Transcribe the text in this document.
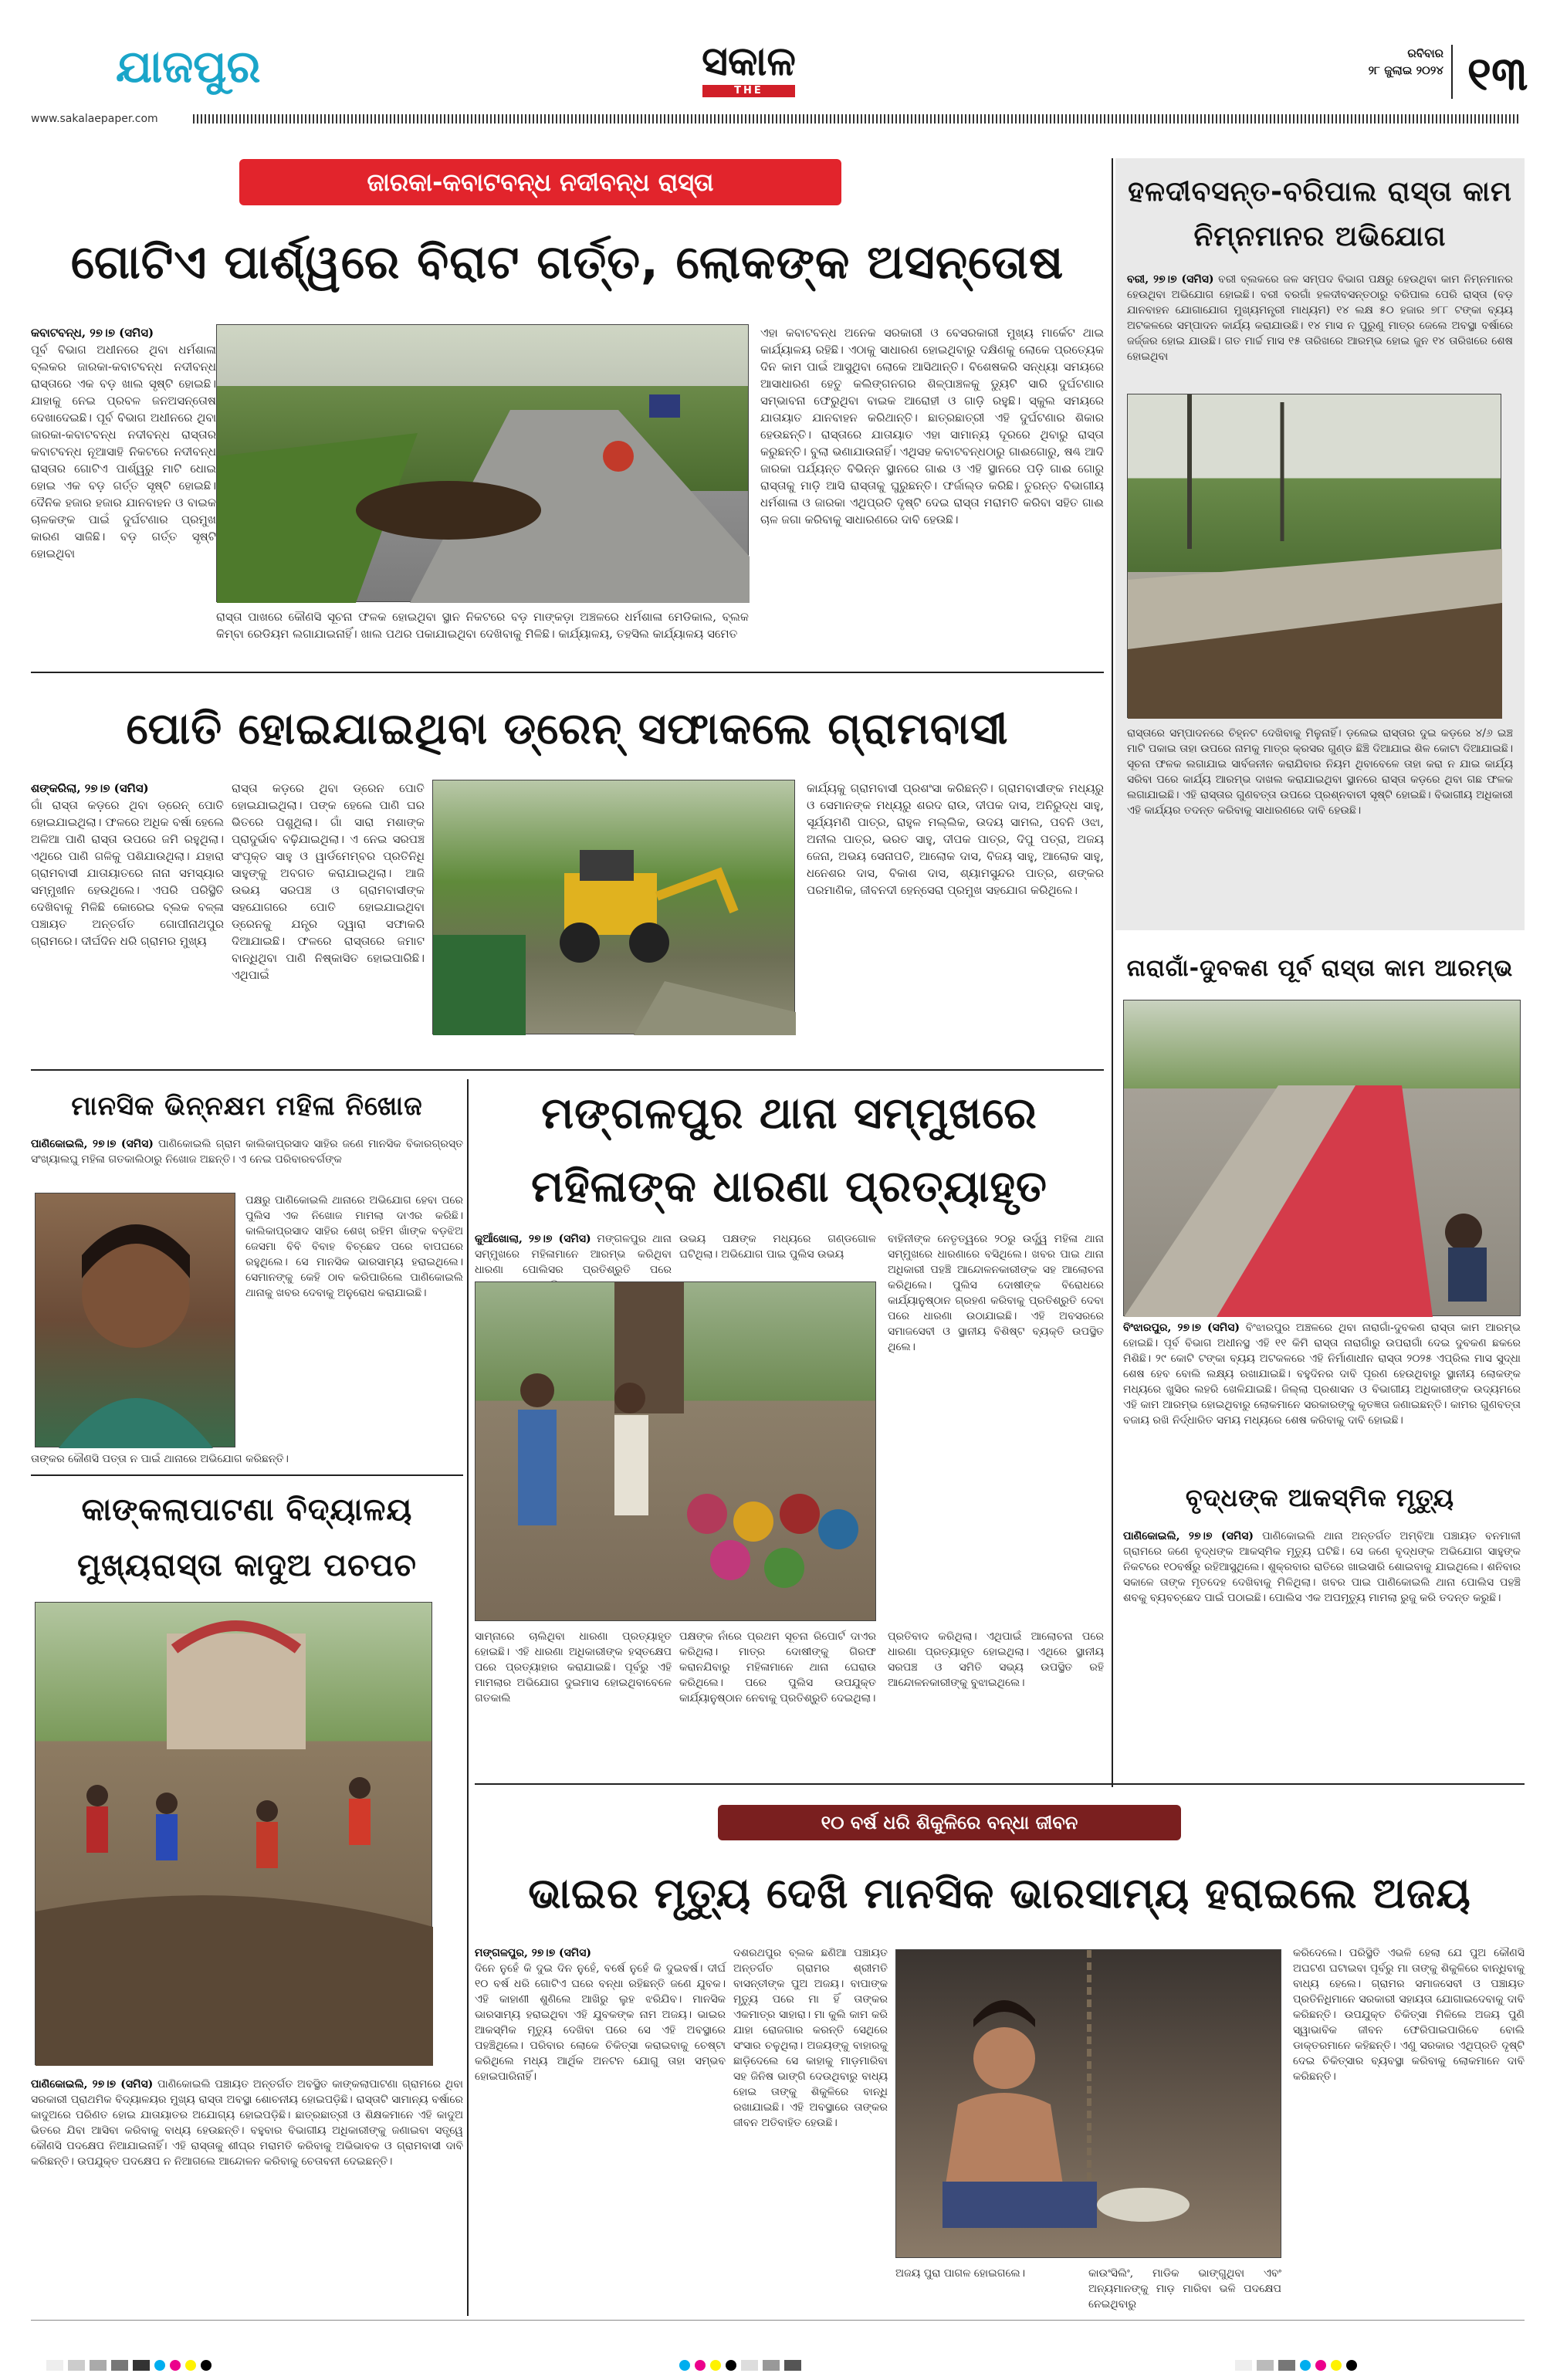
ଯାଜପୁର	ସକାଳ
THE SAKALA
ରବିବାର
୨୮ ଜୁଲାଇ ୨୦୨୪ ୧୩
www.sakalaepaper.com
ଜାରକା-କବାଟବନ୍ଧ ନଦୀବନ୍ଧ ରାସ୍ତା
ଗୋଟିଏ ପାର୍ଶ୍ୱରେ ବିରାଟ ଗର୍ତ୍ତ, ଲୋକଙ୍କ ଅସନ୍ତୋଷ
କବାଟବନ୍ଧ, ୨୭।୭ (ସମିସ)
ପୂର୍ବ ବିଭାଗ ଅଧୀନରେ ଥିବା ଧର୍ମଶାଳା ବ୍ଲକର ଜାରକା-କବାଟବନ୍ଧ ନଦୀବନ୍ଧ ରାସ୍ତାରେ ଏକ ବଡ଼ ଖାଲ ସୃଷ୍ଟି ହୋଇଛି। ଯାହାକୁ ନେଇ ପ୍ରବଳ ଜନଅସନ୍ତୋଷ ଦେଖାଦେଇଛି। ପୂର୍ବ ବିଭାଗ ଅଧୀନରେ ଥିବା ଜାରକା-କବାଟବନ୍ଧ ନଦୀବନ୍ଧ ରାସ୍ତାର କବାଟବନ୍ଧ ନୂଆସାହି ନିକଟରେ ନଦୀବନ୍ଧ ରାସ୍ତାର ଗୋଟିଏ ପାର୍ଶ୍ୱରୁ ମାଟି ଧୋଇ ହୋଇ ଏକ ବଡ଼ ଗର୍ତ୍ତ ସୃଷ୍ଟି ହୋଇଛି। ଦୈନିକ ହଜାର ହଜାର ଯାନବାହନ ଓ ବାଇକ ଚାଳକଙ୍କ ପାଇଁ ଦୁର୍ଘଟଣାର ପ୍ରମୁଖ କାରଣ ସାଜିଛି। ବଡ଼ ଗର୍ତ୍ତ ସୃଷ୍ଟି ହୋଇଥିବା
ରାସ୍ତା ପାଖରେ କୌଣସି ସୂଚନା ଫଳକ ହୋଇଥିବା ସ୍ଥାନ ନିକଟରେ ବଡ଼ ମାଙ୍କଡ଼ା ଅଞ୍ଚଳରେ ଧର୍ମଶାଳା ମେଡିକାଲ, ବ୍ଲକ କିମ୍ବା ରେଡିୟମ ଲଗାଯାଇନାହିଁ। ଖାଲ ପଥର ପକାଯାଇଥିବା ଦେଖିବାକୁ ମିଳିଛି। କାର୍ଯ୍ୟାଳୟ, ତହସିଲ କାର୍ଯ୍ୟାଳୟ ସମେତ
ଏହା କବାଟବନ୍ଧ ଅନେକ ସରକାରୀ ଓ ବେସରକାରୀ ମୁଖ୍ୟ ମାର୍କେଟ ଥାଇ କାର୍ଯ୍ୟାଳୟ ରହିଛି। ଏଠାକୁ ସାଧାରଣ ହୋଇଥିବାରୁ ଦକ୍ଷିଣକୁ ଲୋକେ ପ୍ରତ୍ୟେକ ଦିନ କାମ ପାଇଁ ଆସୁଥିବା ଲୋକେ ଆସିଥାନ୍ତି। ବିଶେଷକରି ସନ୍ଧ୍ୟା ସମୟରେ ଆସାଧାରଣ ହେତୁ କଲିଙ୍ଗନଗର ଶିଳ୍ପାଞ୍ଚଳକୁ ଡ୍ୟୁଟି ସାରି ଦୁର୍ଘଟଣାର ସମ୍ଭାବନା ଫେରୁଥିବା ବାଇକ ଆରୋହୀ ଓ ଗାଡ଼ି ରହୁଛି। ସ୍କୁଲ ସମୟରେ ଯାତାୟାତ ଯାନବାହନ କରିଥାନ୍ତି। ଛାତ୍ରଛାତ୍ରୀ ଏହି ଦୁର୍ଘଟଣାର ଶିକାର ହେଉଛନ୍ତି। ରାସ୍ତାରେ ଯାତାୟାତ ଏହା ସାମାନ୍ୟ ଦୂରରେ ଥିବାରୁ ରାସ୍ତା କରୁଛନ୍ତି। ବୁଲା ଭଣାଯାଉନାହିଁ। ଏଥିସହ କବାଟବନ୍ଧଠାରୁ ଗାଈଗୋରୁ, ଷଣ୍ଢ ଆଦି ଜାରକା ପର୍ଯ୍ୟନ୍ତ ବିଭିନ୍ନ ସ୍ଥାନରେ ଗାଈ ଓ ଏହି ସ୍ଥାନରେ ପଡ଼ି ଗାଈ ଗୋରୁ ରାସ୍ତାକୁ ମାଡ଼ି ଆସି ରାସ୍ତାକୁ ଘୁରୁଛନ୍ତି। ଫର୍ଜାଲ୍ଡ କରିଛି। ତୁରନ୍ତ ବିଭାଗୀୟ ଧର୍ମଶାଳା ଓ ଜାରକା ଏଥିପ୍ରତି ଦୃଷ୍ଟି ଦେଇ ରାସ୍ତା ମରାମତି କରିବା ସହିତ ଗାଈ ଚାଳ ଜଗା କରିବାକୁ ସାଧାରଣରେ ଦାବି ହେଉଛି।
ହଳଦୀବସନ୍ତ-ବରିପାଲ ରାସ୍ତା କାମ ନିମ୍ନମାନର ଅଭିଯୋଗ
ବରୀ, ୨୭।୭ (ସମିସ) ବରୀ ବ୍ଲକରେ ଜଳ ସମ୍ପଦ ବିଭାଗ ପକ୍ଷରୁ ହେଉଥିବା କାମ ନିମ୍ନମାନର ହେଉଥିବା ଅଭିଯୋଗ ହୋଇଛି। ବରୀ ବରଗାଁ ହଳଦୀବସନ୍ତଠାରୁ ବରିପାଲ ପେରି ରାସ୍ତା (ବଡ଼ ଯାନବାହନ ଯୋଗାଯୋଗ ମୁଖ୍ୟମନ୍ତ୍ରୀ ମାଧ୍ୟମ) ୧୪ ଲକ୍ଷ ୫୦ ହଜାର ୭୮୮ ଟଙ୍କା ବ୍ୟୟ ଅଟକଳରେ ସମ୍ପାଦନ କାର୍ଯ୍ୟ କରାଯାଉଛି। ୧୪ ମାସ ନ ପୁରୁଣୁ ମାତ୍ର ଜେଲେ ଅବସ୍ଥା ବର୍ଷାରେ ଜର୍ଜ୍ଜର ହୋଇ ଯାଉଛି। ଗତ ମାର୍ଚ୍ଚ ମାସ ୧୫ ତାରିଖରେ ଆରମ୍ଭ ହୋଇ ଜୁନ ୧୪ ତାରିଖରେ ଶେଷ ହୋଇଥିବା
ରାସ୍ତାରେ ସମ୍ପାଦନରେ ଚିହ୍ନଟ ଦେଖିବାକୁ ମିଳୁନାହିଁ। ଡ଼ଲେଇ ରାସ୍ତାର ଦୁଇ କଡ଼ରେ ୪/୬ ଇଞ୍ଚ ମାଟି ପକାଇ ତାହା ଉପରେ ନାମକୁ ମାତ୍ର କ୍ରସର ଗୁଣ୍ଡ ଛିଞ୍ଚି ଦିଆଯାଇ ଶିଳ କୋଟା ଦିଆଯାଇଛି। ସୂଚନା ଫଳକ ଲଗାଯାଇ ସାର୍ବଜନୀନ କରାଯିବାର ନିୟମ ଥିବାବେଳେ ତାହା କରା ନ ଯାଇ କାର୍ଯ୍ୟ ସରିବା ପରେ କାର୍ଯ୍ୟ ଆରମ୍ଭ ଦାଖଲ କରାଯାଇଥିବା ସ୍ଥାନରେ ରାସ୍ତା କଡ଼ରେ ଥିବା ଗଛ ଫଳକ ଲଗାଯାଇଛି। ଏହି ରାସ୍ତାର ଗୁଣବତ୍ତା ଉପରେ ପ୍ରଶ୍ନବାଚୀ ସୃଷ୍ଟି ହୋଇଛି। ବିଭାଗୀୟ ଅଧିକାରୀ ଏହି କାର୍ଯ୍ୟର ତଦନ୍ତ କରିବାକୁ ସାଧାରଣରେ ଦାବି ହେଉଛି।
ପୋତି ହୋଇଯାଇଥିବା ଡ୍ରେନ୍ ସଫାକଲେ ଗ୍ରାମବାସୀ
ଶଙ୍କରିଲା, ୨୭।୭ (ସମିସ)
ଗାଁ ରାସ୍ତା କଡ଼ରେ ଥିବା ଡ୍ରେନ୍ ପୋତି ହୋଇଯାଇଥିଲା। ଫଳରେ ଅଧିକ ବର୍ଷା ହେଲେ ଅଳିଆ ପାଣି ରାସ୍ତା ଉପରେ ଜମି ରହୁଥିଲା। ଏଥିରେ ପାଣି ଗଳିକୁ ପଶିଯାଉଥିଲା। ଯହାରା ଗ୍ରାମବାସୀ ଯାତାୟାତରେ ନାନା ସମସ୍ୟାର ସମ୍ମୁଖୀନ ହେଉଥିଲେ। ଏପରି ପରିସ୍ଥିତି ଦେଖିବାକୁ ମିଳିଛି କୋରେଇ ବ୍ଲକ ବଳ୍ଳା ପଞ୍ଚାୟତ ଅନ୍ତର୍ଗତ ଗୋପୀନାଥପୁର ଗ୍ରାମରେ। ଦୀର୍ଘଦିନ ଧରି ଗ୍ରାମର ମୁଖ୍ୟ
ରାସ୍ତା କଡ଼ରେ ଥିବା ଡ୍ରେନ ପୋତି ହୋଇଯାଇଥିଲା। ପଙ୍କ ହେଲେ ପାଣି ଘର ଭିତରେ ପଶୁଥିଲା। ଗାଁ ସାରା ମଶାଙ୍କ ପ୍ରାଦୁର୍ଭାବ ବଢ଼ିଯାଇଥିଲା। ଏ ନେଇ ସରପଞ୍ଚ ସଂପୃକ୍ତ ସାହୁ ଓ ୱାର୍ଡମେମ୍ବର ପ୍ରତିନିଧି ସାହୁଙ୍କୁ ଅବଗତ କରାଯାଇଥିଲା। ଆଜି ଉଭୟ ସରପଞ୍ଚ ଓ ଗ୍ରାମବାସୀଙ୍କ ସହଯୋଗରେ ପୋତି ହୋଇଯାଇଥିବା ଡ୍ରେନକୁ ଯନ୍ତ୍ର ଦ୍ୱାରା ସଫାକରି ଦିଆଯାଇଛି। ଫଳରେ ରାସ୍ତାରେ ଜମାଟ ବାନ୍ଧିଥିବା ପାଣି ନିଷ୍କାସିତ ହୋଇପାରିଛି। ଏଥିପାଇଁ
କାର୍ଯ୍ୟକୁ ଗ୍ରାମବାସୀ ପ୍ରଶଂସା କରିଛନ୍ତି। ଗ୍ରାମବାସୀଙ୍କ ମଧ୍ୟରୁ ଓ ସେମାନଙ୍କ ମଧ୍ୟରୁ ଶରଦ ରାଉ, ଦୀପକ ଦାସ, ଅନିରୁଦ୍ଧ ସାହୁ, ସୂର୍ଯ୍ୟମଣି ପାତ୍ର, ରାହୁଳ ମଲ୍ଲିକ, ଉଦୟ ସାମଲ, ପବନି ଓଝା, ଅନୀଲ ପାତ୍ର, ଭରତ ସାହୁ, ଦୀପକ ପାତ୍ର, ଦିପୁ ପତ୍ରା, ଅଜୟ ଜେନା, ଅଭୟ ସେନାପତି, ଆଲୋକ ଦାସ, ବିଜୟ ସାହୁ, ଆଲୋକ ସାହୁ, ଧନେଶର ଦାସ, ବିକାଶ ଦାସ, ଶ୍ୟାମସୁନ୍ଦର ପାତ୍ର, ଶଙ୍କର ପରମାଣିକ, ଜୀବନଦୀ ହେନ୍ସେରା ପ୍ରମୁଖ ସହଯୋଗ କରିଥିଲେ।
ନାରାଗାଁ-ଦୁବକଣ ପୂର୍ବ ରାସ୍ତା କାମ ଆରମ୍ଭ
ବିଂଝାରପୁର, ୨୭।୭ (ସମିସ) ବିଂଝାରପୁର ଅଞ୍ଚଳରେ ଥିବା ନାରାଗାଁ-ଦୁବକଣ ରାସ୍ତା କାମ ଆରମ୍ଭ ହୋଇଛି। ପୂର୍ବ ବିଭାଗ ଅଧୀନସ୍ଥ ଏହି ୧୧ କିମି ରାସ୍ତା ନାରାଗାଁରୁ ଉପରାଗାଁ ଦେଇ ଦୁବକଣ ଛକରେ ମିଶିଛି। ୨୯ କୋଟି ଟଙ୍କା ବ୍ୟୟ ଅଟକଳରେ ଏହି ନିର୍ମାଣାଧୀନ ରାସ୍ତା ୨୦୨୫ ଏପ୍ରିଲ ମାସ ସୁଦ୍ଧା ଶେଷ ହେବ ବୋଲି ଲକ୍ଷ୍ୟ ରଖାଯାଇଛି। ବହୁଦିନର ଦାବି ପୂରଣ ହେଉଥିବାରୁ ସ୍ଥାନୀୟ ଲୋକଙ୍କ ମଧ୍ୟରେ ଖୁସିର ଲହରି ଖେଳିଯାଇଛି। ଜିଲ୍ଲା ପ୍ରଶାସନ ଓ ବିଭାଗୀୟ ଅଧିକାରୀଙ୍କ ଉଦ୍ୟମରେ ଏହି କାମ ଆରମ୍ଭ ହୋଇଥିବାରୁ ଲୋକମାନେ ସରକାରଙ୍କୁ କୃତଜ୍ଞତା ଜଣାଇଛନ୍ତି। କାମର ଗୁଣବତ୍ତା ବଜାୟ ରଖି ନିର୍ଦ୍ଧାରିତ ସମୟ ମଧ୍ୟରେ ଶେଷ କରିବାକୁ ଦାବି ହୋଇଛି।
ବୃଦ୍ଧଙ୍କ ଆକସ୍ମିକ ମୃତ୍ୟୁ
ପାଣିକୋଇଲି, ୨୭।୭ (ସମିସ) ପାଣିକୋଇଲି ଥାନା ଅନ୍ତର୍ଗତ ଅମ୍ବିଆ ପଞ୍ଚାୟତ ବନମାଳୀ ଗ୍ରାମରେ ଜଣେ ବୃଦ୍ଧଙ୍କ ଆକସ୍ମିକ ମୃତ୍ୟୁ ଘଟିଛି। ସେ ଜଣେ ବୃଦ୍ଧଙ୍କ ଅଭିଯୋଗ ସାହୁଙ୍କ ନିକଟରେ ୧୦ବର୍ଷରୁ ରହିଆସୁଥିଲେ। ଶୁକ୍ରବାର ରାତିରେ ଖାଇସାରି ଶୋଇବାକୁ ଯାଇଥିଲେ। ଶନିବାର ସକାଳେ ତାଙ୍କ ମୃତଦେହ ଦେଖିବାକୁ ମିଳିଥିଲା। ଖବର ପାଇ ପାଣିକୋଇଲି ଥାନା ପୋଲିସ ପହଞ୍ଚି ଶବକୁ ବ୍ୟବଚ୍ଛେଦ ପାଇଁ ପଠାଇଛି। ପୋଲିସ ଏକ ଅପମୃତ୍ୟୁ ମାମଲା ରୁଜୁ କରି ତଦନ୍ତ କରୁଛି।
ମାନସିକ ଭିନ୍ନକ୍ଷମ ମହିଳା ନିଖୋଜ
ପାଣିକୋଇଲି, ୨୭।୭ (ସମିସ) ପାଣିକୋଇଲି ଗ୍ରାମ କାଲିକାପ୍ରସାଦ ସାହିର ଜଣେ ମାନସିକ ବିକାରଗ୍ରସ୍ତ ସଂଖ୍ୟାଲଘୁ ମହିଳା ଗତକାଲିଠାରୁ ନିଖୋଜ ଅଛନ୍ତି। ଏ ନେଇ ପରିବାରବର୍ଗଙ୍କ
ପକ୍ଷରୁ ପାଣିକୋଇଲି ଥାନାରେ ଅଭିଯୋଗ ହେବା ପରେ ପୁଲିସ ଏକ ନିଖୋଜ ମାମଲା ଦାଏର କରିଛି। କାଲିକାପ୍ରସାଦ ସାହିର ଶେଖ୍ ରହିମ ଖାଁଙ୍କ ବଡ଼ଝିଅ ଜେସମା ବିବି ବିବାହ ବିଚ୍ଛେଦ ପରେ ବାପଘରେ ରହୁଥିଲେ। ସେ ମାନସିକ ଭାରସାମ୍ୟ ହରାଇଥିଲେ। ସେମାନଙ୍କୁ କେହି ଠାବ କରିପାରିଲେ ପାଣିକୋଇଲି ଥାନାକୁ ଖବର ଦେବାକୁ ଅନୁରୋଧ କରାଯାଇଛି।
ତାଙ୍କର କୌଣସି ପତ୍ତା ନ ପାଇଁ ଥାନାରେ ଅଭିଯୋଗ କରିଛନ୍ତି।
ମଙ୍ଗଳପୁର ଥାନା ସମ୍ମୁଖରେ ମହିଳାଙ୍କ ଧାରଣା ପ୍ରତ୍ୟାହୃତ
କୁଆଁଖୋଲା, ୨୭।୭ (ସମିସ) ମଙ୍ଗଳପୁର ଥାନା ସମ୍ମୁଖରେ ମହିଳାମାନେ ଆରମ୍ଭ କରିଥିବା ଧାରଣା ପୋଲିସର ପ୍ରତିଶ୍ରୁତି ପରେ
ଉଭୟ ପକ୍ଷଙ୍କ ମଧ୍ୟରେ ଗଣ୍ଡଗୋଳ ଘଟିଥିଲା। ଅଭିଯୋଗ ପାଇ ପୁଲିସ ଉଭୟ
ବାହିନୀଙ୍କ ନେତୃତ୍ୱରେ ୨୦ରୁ ଉର୍ଦ୍ଧ୍ୱ ମହିଳା ଥାନା ସମ୍ମୁଖରେ ଧାରଣାରେ ବସିଥିଲେ। ଖବର ପାଇ ଥାନା ଅଧିକାରୀ ପହଞ୍ଚି ଆନ୍ଦୋଳନକାରୀଙ୍କ ସହ ଆଲୋଚନା କରିଥିଲେ। ପୁଲିସ ଦୋଷୀଙ୍କ ବିରୋଧରେ କାର୍ଯ୍ୟାନୁଷ୍ଠାନ ଗ୍ରହଣ କରିବାକୁ ପ୍ରତିଶ୍ରୁତି ଦେବା ପରେ ଧାରଣା ଉଠାଯାଇଛି। ଏହି ଅବସରରେ ସମାଜସେବୀ ଓ ସ୍ଥାନୀୟ ବିଶିଷ୍ଟ ବ୍ୟକ୍ତି ଉପସ୍ଥିତ ଥିଲେ।
ସାମ୍ନାରେ ଚାଲିଥିବା ଧାରଣା ପ୍ରତ୍ୟାହୃତ ହୋଇଛି। ଏହି ଧାରଣା ଅଧିକାରୀଙ୍କ ହସ୍ତକ୍ଷେପ ପରେ ପ୍ରତ୍ୟାହାର କରାଯାଇଛି। ପୂର୍ବରୁ ଏହି ମାମଲାର ଅଭିଯୋଗ ଦୁଇମାସ ହୋଇଥିବାବେଳେ ଗତକାଲି
ପକ୍ଷଙ୍କ ନାଁରେ ପ୍ରଥମ ସୂଚନା ରିପୋର୍ଟ ଦାଏର କରିଥିଲା। ମାତ୍ର ଦୋଷୀଙ୍କୁ ଗିରଫ କରାନଯିବାରୁ ମହିଳାମାନେ ଥାନା ଘେରାଉ କରିଥିଲେ। ପରେ ପୁଲିସ ଉପଯୁକ୍ତ କାର୍ଯ୍ୟାନୁଷ୍ଠାନ ନେବାକୁ ପ୍ରତିଶ୍ରୁତି ଦେଇଥିଲା।
ପ୍ରତିବାଦ କରିଥିଲା। ଏଥିପାଇଁ ଆଲୋଚନା ପରେ ଧାରଣା ପ୍ରତ୍ୟାହୃତ ହୋଇଥିଲା। ଏଥିରେ ସ୍ଥାନୀୟ ସରପଞ୍ଚ ଓ ସମିତି ସଭ୍ୟ ଉପସ୍ଥିତ ରହି ଆନ୍ଦୋଳନକାରୀଙ୍କୁ ବୁଝାଇଥିଲେ।
କାଙ୍କଲାପାଟଣା ବିଦ୍ୟାଳୟ ମୁଖ୍ୟରାସ୍ତା କାଦୁଅ ପଚପଚ
ପାଣିକୋଇଲି, ୨୭।୭ (ସମିସ) ପାଣିକୋଇଲି ପଞ୍ଚାୟତ ଅନ୍ତର୍ଗତ ଅବସ୍ଥିତ କାଙ୍କଲାପାଟଣା ଗ୍ରାମରେ ଥିବା ସରକାରୀ ପ୍ରାଥମିକ ବିଦ୍ୟାଳୟର ମୁଖ୍ୟ ରାସ୍ତା ଅବସ୍ଥା ଶୋଚନୀୟ ହୋଇପଡ଼ିଛି। ରାସ୍ତାଟି ସାମାନ୍ୟ ବର୍ଷାରେ କାଦୁଅରେ ପରିଣତ ହୋଇ ଯାତାୟାତର ଅଯୋଗ୍ୟ ହୋଇପଡ଼ିଛି। ଛାତ୍ରଛାତ୍ରୀ ଓ ଶିକ୍ଷକମାନେ ଏହି କାଦୁଅ ଭିତରେ ଯିବା ଆସିବା କରିବାକୁ ବାଧ୍ୟ ହେଉଛନ୍ତି। ବହୁବାର ବିଭାଗୀୟ ଅଧିକାରୀଙ୍କୁ ଜଣାଇବା ସତ୍ତ୍ୱେ କୌଣସି ପଦକ୍ଷେପ ନିଆଯାଇନାହିଁ। ଏହି ରାସ୍ତାକୁ ଶୀଘ୍ର ମରାମତି କରିବାକୁ ଅଭିଭାବକ ଓ ଗ୍ରାମବାସୀ ଦାବି କରିଛନ୍ତି। ଉପଯୁକ୍ତ ପଦକ୍ଷେପ ନ ନିଆଗଲେ ଆନ୍ଦୋଳନ କରିବାକୁ ଚେତାବନୀ ଦେଇଛନ୍ତି।
୧୦ ବର୍ଷ ଧରି ଶିକୁଳିରେ ବନ୍ଧା ଜୀବନ
ଭାଇର ମୃତ୍ୟୁ ଦେଖି ମାନସିକ ଭାରସାମ୍ୟ ହରାଇଲେ ଅଜୟ
ମଙ୍ଗଳପୁର, ୨୭।୭ (ସମିସ)
ଦିନେ ନୁହେଁ କି ଦୁଇ ଦିନ ନୁହେଁ, ବର୍ଷେ ନୁହେଁ କି ଦୁଇବର୍ଷ। ଦୀର୍ଘ ୧୦ ବର୍ଷ ଧରି ଗୋଟିଏ ଘରେ ବନ୍ଧା ରହିଛନ୍ତି ଜଣେ ଯୁବକ। ଏହି କାହାଣୀ ଶୁଣିଲେ ଆଖିରୁ ଲୁହ ଝରିଯିବ। ମାନସିକ ଭାରସାମ୍ୟ ହରାଇଥିବା ଏହି ଯୁବକଙ୍କ ନାମ ଅଜୟ। ଭାଇର ଆକସ୍ମିକ ମୃତ୍ୟୁ ଦେଖିବା ପରେ ସେ ଏହି ଅବସ୍ଥାରେ ପହଞ୍ଚିଥିଲେ। ପରିବାର ଲୋକେ ଚିକିତ୍ସା କରାଇବାକୁ ଚେଷ୍ଟା କରିଥିଲେ ମଧ୍ୟ ଆର୍ଥିକ ଅନଟନ ଯୋଗୁ ତାହା ସମ୍ଭବ ହୋଇପାରିନାହିଁ।
ଦଶରଥପୁର ବ୍ଲକ ଛଣିଆ ପଞ୍ଚାୟତ ଅନ୍ତର୍ଗତ ଗ୍ରାମର ଶ୍ରୀମତି ବାସନ୍ତୀଙ୍କ ପୁଅ ଅଜୟ। ବାପାଙ୍କ ମୃତ୍ୟୁ ପରେ ମା ହିଁ ତାଙ୍କର ଏକମାତ୍ର ସାହାରା। ମା କୁଲି କାମ କରି ଯାହା ରୋଜଗାର କରନ୍ତି ସେଥିରେ ସଂସାର ଚଳୁଥିଲା। ଅଜୟଙ୍କୁ ବାହାରକୁ ଛାଡ଼ିଦେଲେ ସେ କାହାକୁ ମାଡ଼ମାରିବା ସହ ଜିନିଷ ଭାଙ୍ଗି ଦେଉଥିବାରୁ ବାଧ୍ୟ ହୋଇ ତାଙ୍କୁ ଶିକୁଳିରେ ବାନ୍ଧି ରଖାଯାଇଛି। ଏହି ଅବସ୍ଥାରେ ତାଙ୍କର ଜୀବନ ଅତିବାହିତ ହେଉଛି।
ଅଜୟ ପୁରା ପାଗଳ ହୋଇଗଲେ।	କାଉଂସିଲିଂ, ମାଡିକ ଭାଙ୍ଗୁଥିବା ଏବଂ ଅନ୍ୟମାନଙ୍କୁ ମାଡ଼ ମାରିବା ଭଳି ପଦକ୍ଷେପ ନେଇଥିବାରୁ
କରିଦେଲେ। ପରିସ୍ଥିତି ଏଭଳି ହେଲା ଯେ ପୁଅ କୌଣସି ଅଘଟଣ ଘଟାଇବା ପୂର୍ବରୁ ମା ତାଙ୍କୁ ଶିକୁଳିରେ ବାନ୍ଧିବାକୁ ବାଧ୍ୟ ହେଲେ। ଗ୍ରାମର ସମାଜସେବୀ ଓ ପଞ୍ଚାୟତ ପ୍ରତିନିଧିମାନେ ସରକାରୀ ସହାୟତା ଯୋଗାଇଦେବାକୁ ଦାବି କରିଛନ୍ତି। ଉପଯୁକ୍ତ ଚିକିତ୍ସା ମିଳିଲେ ଅଜୟ ପୁଣି ସ୍ୱାଭାବିକ ଜୀବନ ଫେରିପାଇପାରିବେ ବୋଲି ଡାକ୍ତରମାନେ କହିଛନ୍ତି। ଏଣୁ ସରକାର ଏଥିପ୍ରତି ଦୃଷ୍ଟି ଦେଇ ଚିକିତ୍ସାର ବ୍ୟବସ୍ଥା କରିବାକୁ ଲୋକମାନେ ଦାବି କରିଛନ୍ତି।
